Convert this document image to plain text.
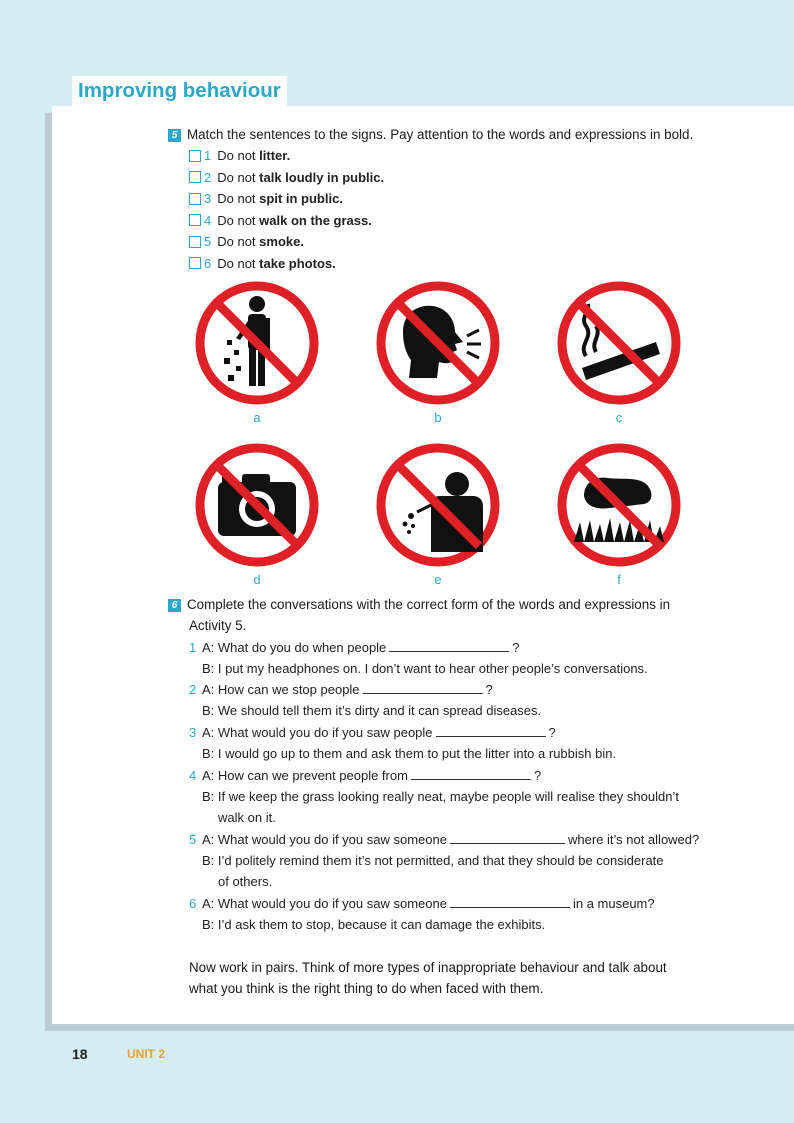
Improving behaviour
5 Match the sentences to the signs. Pay attention to the words and expressions in bold.
1 Do not litter.
2 Do not talk loudly in public.
3 Do not spit in public.
4 Do not walk on the grass.
5 Do not smoke.
6 Do not take photos.
a	b	c
d	e	f
6 Complete the conversations with the correct form of the words and expressions in
Activity 5.
1 A: What do you do when people	?
B: I put my headphones on. I don’t want to hear other people’s conversations.
2 A: How can we stop people	?
B: We should tell them it’s dirty and it can spread diseases.
3 A: What would you do if you saw people	?
B: I would go up to them and ask them to put the litter into a rubbish bin.
4 A: How can we prevent people from	?
B: If we keep the grass looking really neat, maybe people will realise they shouldn’t
walk on it.
5 A: What would you do if you saw someone	where it’s not allowed?
B: I’d politely remind them it’s not permitted, and that they should be considerate
of others.
6 A: What would you do if you saw someone	in a museum?
B: I’d ask them to stop, because it can damage the exhibits.
Now work in pairs. Think of more types of inappropriate behaviour and talk about
what you think is the right thing to do when faced with them.
18	UNIT 2
